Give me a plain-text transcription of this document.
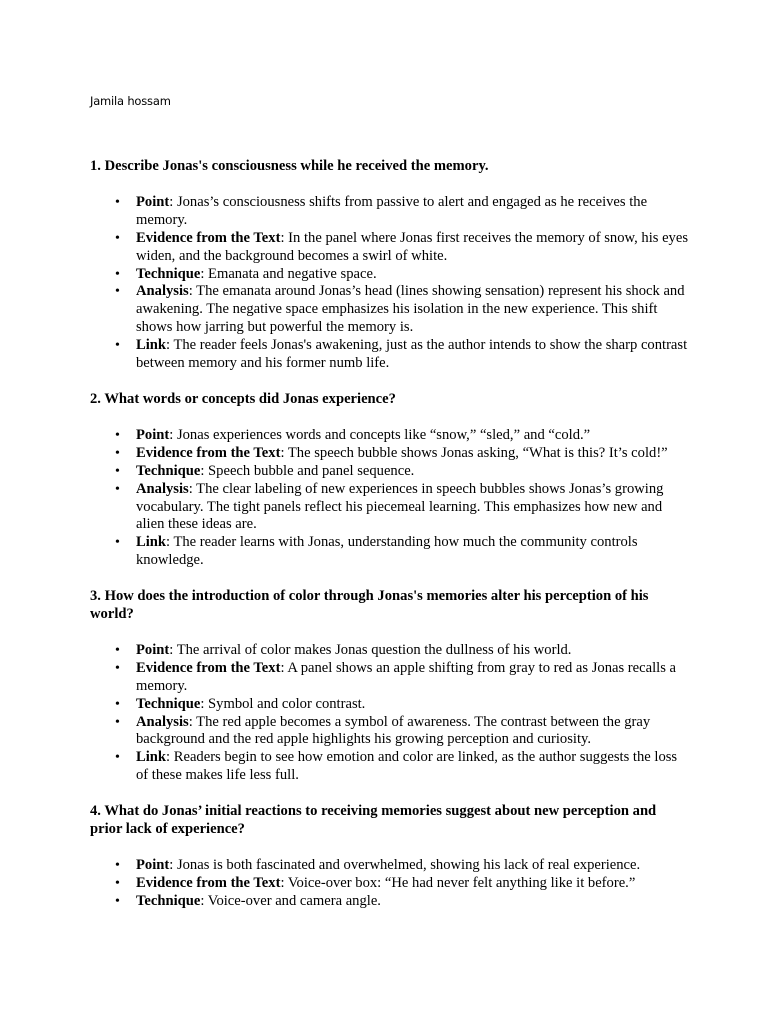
Jamila hossam

1. Describe Jonas's consciousness while he received the memory.

• Point: Jonas’s consciousness shifts from passive to alert and engaged as he receives the memory.
• Evidence from the Text: In the panel where Jonas first receives the memory of snow, his eyes widen, and the background becomes a swirl of white.
• Technique: Emanata and negative space.
• Analysis: The emanata around Jonas’s head (lines showing sensation) represent his shock and awakening. The negative space emphasizes his isolation in the new experience. This shift shows how jarring but powerful the memory is.
• Link: The reader feels Jonas's awakening, just as the author intends to show the sharp contrast between memory and his former numb life.

2. What words or concepts did Jonas experience?

• Point: Jonas experiences words and concepts like “snow,” “sled,” and “cold.”
• Evidence from the Text: The speech bubble shows Jonas asking, “What is this? It’s cold!”
• Technique: Speech bubble and panel sequence.
• Analysis: The clear labeling of new experiences in speech bubbles shows Jonas’s growing vocabulary. The tight panels reflect his piecemeal learning. This emphasizes how new and alien these ideas are.
• Link: The reader learns with Jonas, understanding how much the community controls knowledge.

3. How does the introduction of color through Jonas's memories alter his perception of his world?

• Point: The arrival of color makes Jonas question the dullness of his world.
• Evidence from the Text: A panel shows an apple shifting from gray to red as Jonas recalls a memory.
• Technique: Symbol and color contrast.
• Analysis: The red apple becomes a symbol of awareness. The contrast between the gray background and the red apple highlights his growing perception and curiosity.
• Link: Readers begin to see how emotion and color are linked, as the author suggests the loss of these makes life less full.

4. What do Jonas’ initial reactions to receiving memories suggest about new perception and prior lack of experience?

• Point: Jonas is both fascinated and overwhelmed, showing his lack of real experience.
• Evidence from the Text: Voice-over box: “He had never felt anything like it before.”
• Technique: Voice-over and camera angle.
